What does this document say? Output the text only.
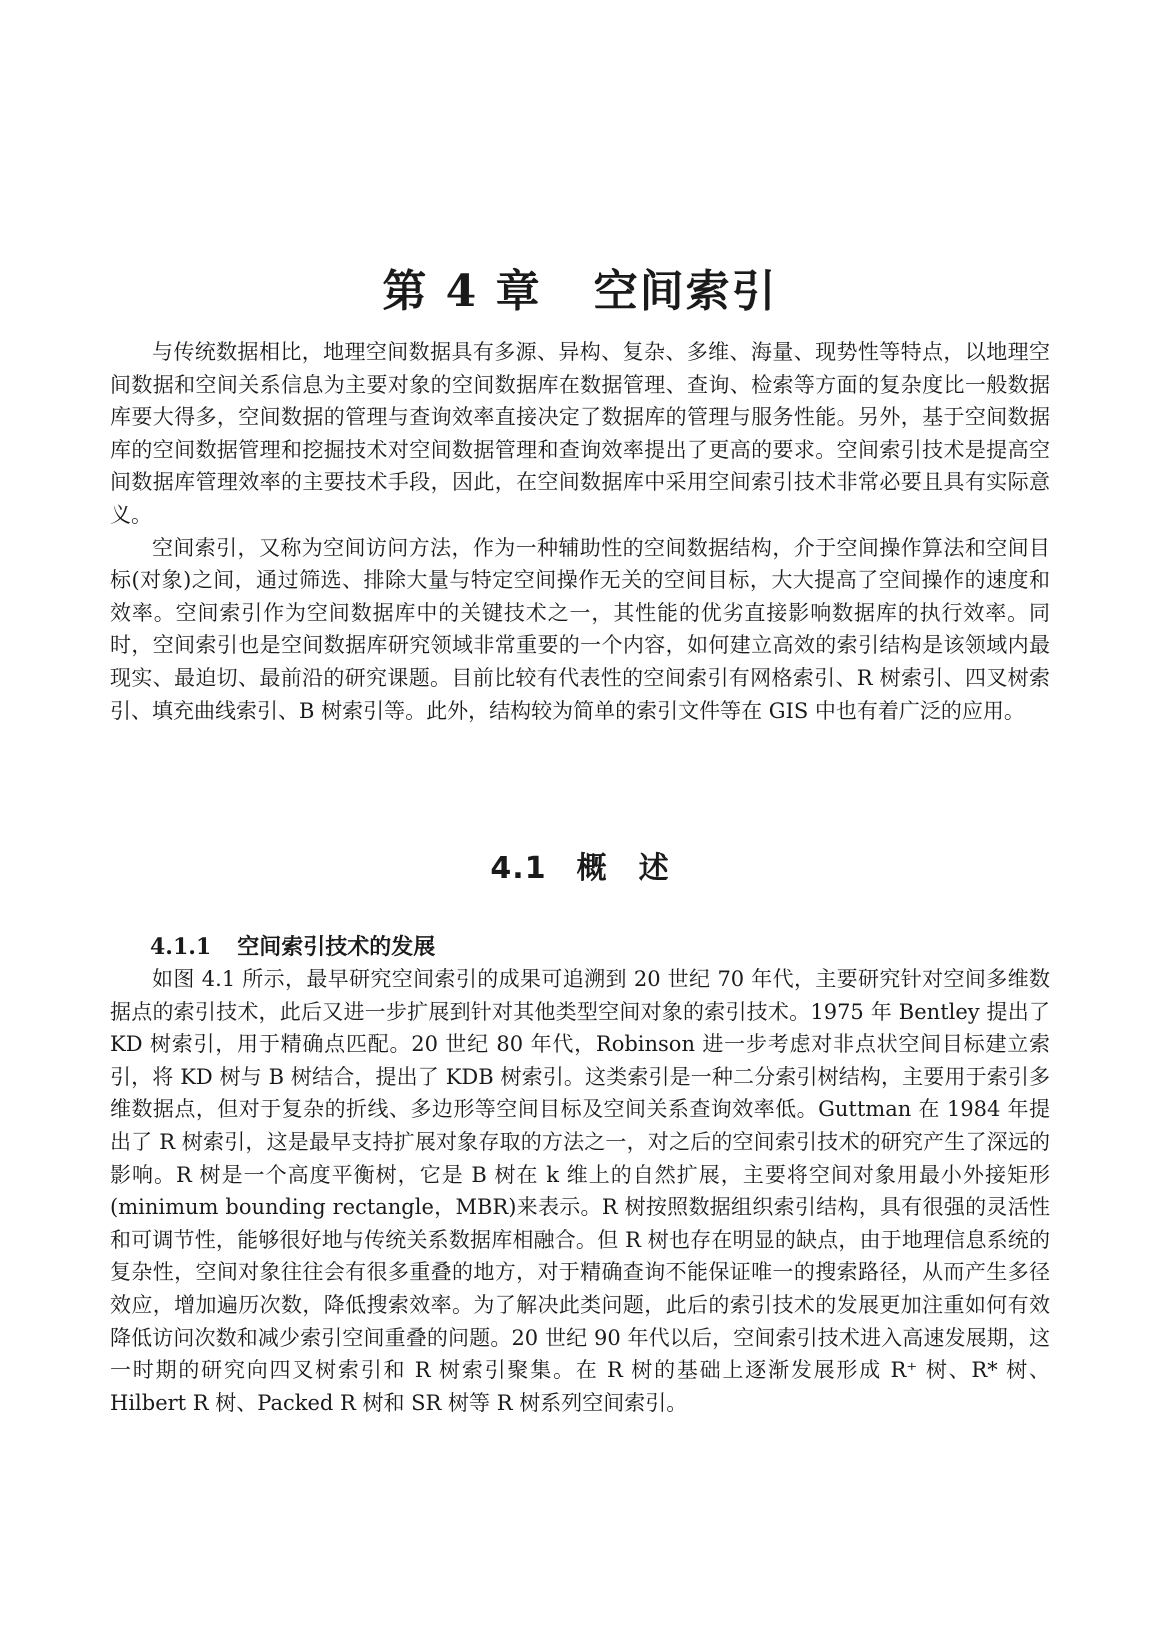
第 4 章 空间索引

与传统数据相比，地理空间数据具有多源、异构、复杂、多维、海量、现势性等特点，以地理空间数据和空间关系信息为主要对象的空间数据库在数据管理、查询、检索等方面的复杂度比一般数据库要大得多，空间数据的管理与查询效率直接决定了数据库的管理与服务性能。另外，基于空间数据库的空间数据管理和挖掘技术对空间数据管理和查询效率提出了更高的要求。空间索引技术是提高空间数据库管理效率的主要技术手段，因此，在空间数据库中采用空间索引技术非常必要且具有实际意义。

空间索引，又称为空间访问方法，作为一种辅助性的空间数据结构，介于空间操作算法和空间目标(对象)之间，通过筛选、排除大量与特定空间操作无关的空间目标，大大提高了空间操作的速度和效率。空间索引作为空间数据库中的关键技术之一，其性能的优劣直接影响数据库的执行效率。同时，空间索引也是空间数据库研究领域非常重要的一个内容，如何建立高效的索引结构是该领域内最现实、最迫切、最前沿的研究课题。目前比较有代表性的空间索引有网格索引、R 树索引、四叉树索引、填充曲线索引、B 树索引等。此外，结构较为简单的索引文件等在 GIS 中也有着广泛的应用。

4.1 概　述
4.1.1 空间索引技术的发展

如图 4.1 所示，最早研究空间索引的成果可追溯到 20 世纪 70 年代，主要研究针对空间多维数据点的索引技术，此后又进一步扩展到针对其他类型空间对象的索引技术。1975 年 Bentley 提出了 KD 树索引，用于精确点匹配。20 世纪 80 年代，Robinson 进一步考虑对非点状空间目标建立索引，将 KD 树与 B 树结合，提出了 KDB 树索引。这类索引是一种二分索引树结构，主要用于索引多维数据点，但对于复杂的折线、多边形等空间目标及空间关系查询效率低。Guttman 在 1984 年提出了 R 树索引，这是最早支持扩展对象存取的方法之一，对之后的空间索引技术的研究产生了深远的影响。R 树是一个高度平衡树，它是 B 树在 k 维上的自然扩展，主要将空间对象用最小外接矩形(minimum bounding rectangle，MBR)来表示。R 树按照数据组织索引结构，具有很强的灵活性和可调节性，能够很好地与传统关系数据库相融合。但 R 树也存在明显的缺点，由于地理信息系统的复杂性，空间对象往往会有很多重叠的地方，对于精确查询不能保证唯一的搜索路径，从而产生多径效应，增加遍历次数，降低搜索效率。为了解决此类问题，此后的索引技术的发展更加注重如何有效降低访问次数和减少索引空间重叠的问题。20 世纪 90 年代以后，空间索引技术进入高速发展期，这一时期的研究向四叉树索引和 R 树索引聚集。在 R 树的基础上逐渐发展形成 R⁺ 树、R* 树、Hilbert R 树、Packed R 树和 SR 树等 R 树系列空间索引。
